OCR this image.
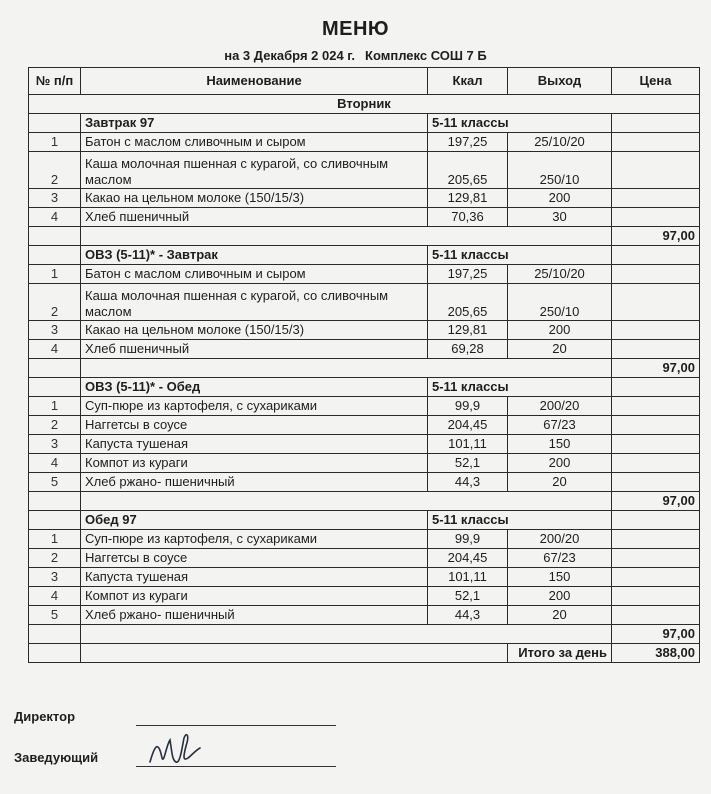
МЕНЮ
на 3 Декабря 2 024 г. Комплекс СОШ 7 Б
№ п/п	Наименование	Ккал	Выход	Цена
Вторник				
	Завтрак 97	5-11 классы		
1	Батон с маслом сливочным и сыром	197,25	25/10/20	
2	Каша молочная пшенная с курагой, со сливочным маслом	205,65	250/10	
3	Какао на цельном молоке (150/15/3)	129,81	200	
4	Хлеб пшеничный	70,36	30	
				97,00
	ОВЗ (5-11)* - Завтрак	5-11 классы		
1	Батон с маслом сливочным и сыром	197,25	25/10/20	
2	Каша молочная пшенная с курагой, со сливочным маслом	205,65	250/10	
3	Какао на цельном молоке (150/15/3)	129,81	200	
4	Хлеб пшеничный	69,28	20	
				97,00
	ОВЗ (5-11)* - Обед	5-11 классы		
1	Суп-пюре из картофеля, с сухариками	99,9	200/20	
2	Наггетсы в соусе	204,45	67/23	
3	Капуста тушеная	101,11	150	
4	Компот из кураги	52,1	200	
5	Хлеб ржано- пшеничный	44,3	20	
				97,00
	Обед 97	5-11 классы		
1	Суп-пюре из картофеля, с сухариками	99,9	200/20	
2	Наггетсы в соусе	204,45	67/23	
3	Капуста тушеная	101,11	150	
4	Компот из кураги	52,1	200	
5	Хлеб ржано- пшеничный	44,3	20	
				97,00
			Итого за день	388,00
Директор
Заведующий
